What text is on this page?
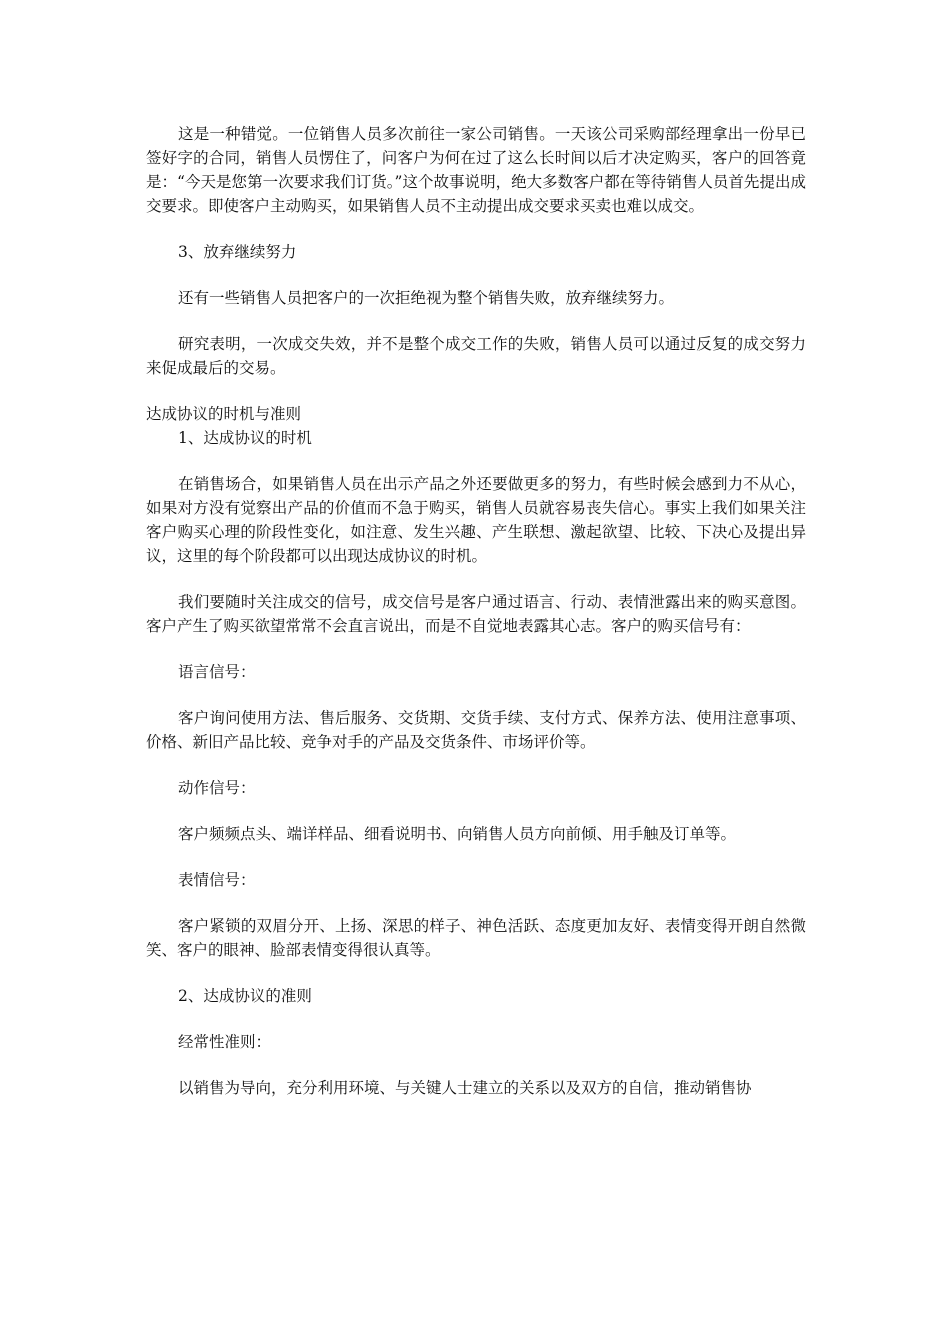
这是一种错觉。一位销售人员多次前往一家公司销售。一天该公司采购部经理拿出一份早已签好字的合同，销售人员愣住了，问客户为何在过了这么长时间以后才决定购买，客户的回答竟是：“今天是您第一次要求我们订货。”这个故事说明，绝大多数客户都在等待销售人员首先提出成交要求。即使客户主动购买，如果销售人员不主动提出成交要求买卖也难以成交。

3、放弃继续努力

还有一些销售人员把客户的一次拒绝视为整个销售失败，放弃继续努力。

研究表明，一次成交失效，并不是整个成交工作的失败，销售人员可以通过反复的成交努力来促成最后的交易。

达成协议的时机与准则

1、达成协议的时机

在销售场合，如果销售人员在出示产品之外还要做更多的努力，有些时候会感到力不从心，如果对方没有觉察出产品的价值而不急于购买，销售人员就容易丧失信心。事实上我们如果关注客户购买心理的阶段性变化，如注意、发生兴趣、产生联想、激起欲望、比较、下决心及提出异议，这里的每个阶段都可以出现达成协议的时机。

我们要随时关注成交的信号，成交信号是客户通过语言、行动、表情泄露出来的购买意图。客户产生了购买欲望常常不会直言说出，而是不自觉地表露其心志。客户的购买信号有：

语言信号：

客户询问使用方法、售后服务、交货期、交货手续、支付方式、保养方法、使用注意事项、价格、新旧产品比较、竞争对手的产品及交货条件、市场评价等。

动作信号：

客户频频点头、端详样品、细看说明书、向销售人员方向前倾、用手触及订单等。

表情信号：

客户紧锁的双眉分开、上扬、深思的样子、神色活跃、态度更加友好、表情变得开朗自然微笑、客户的眼神、脸部表情变得很认真等。

2、达成协议的准则

经常性准则：

以销售为导向，充分利用环境、与关键人士建立的关系以及双方的自信，推动销售协
